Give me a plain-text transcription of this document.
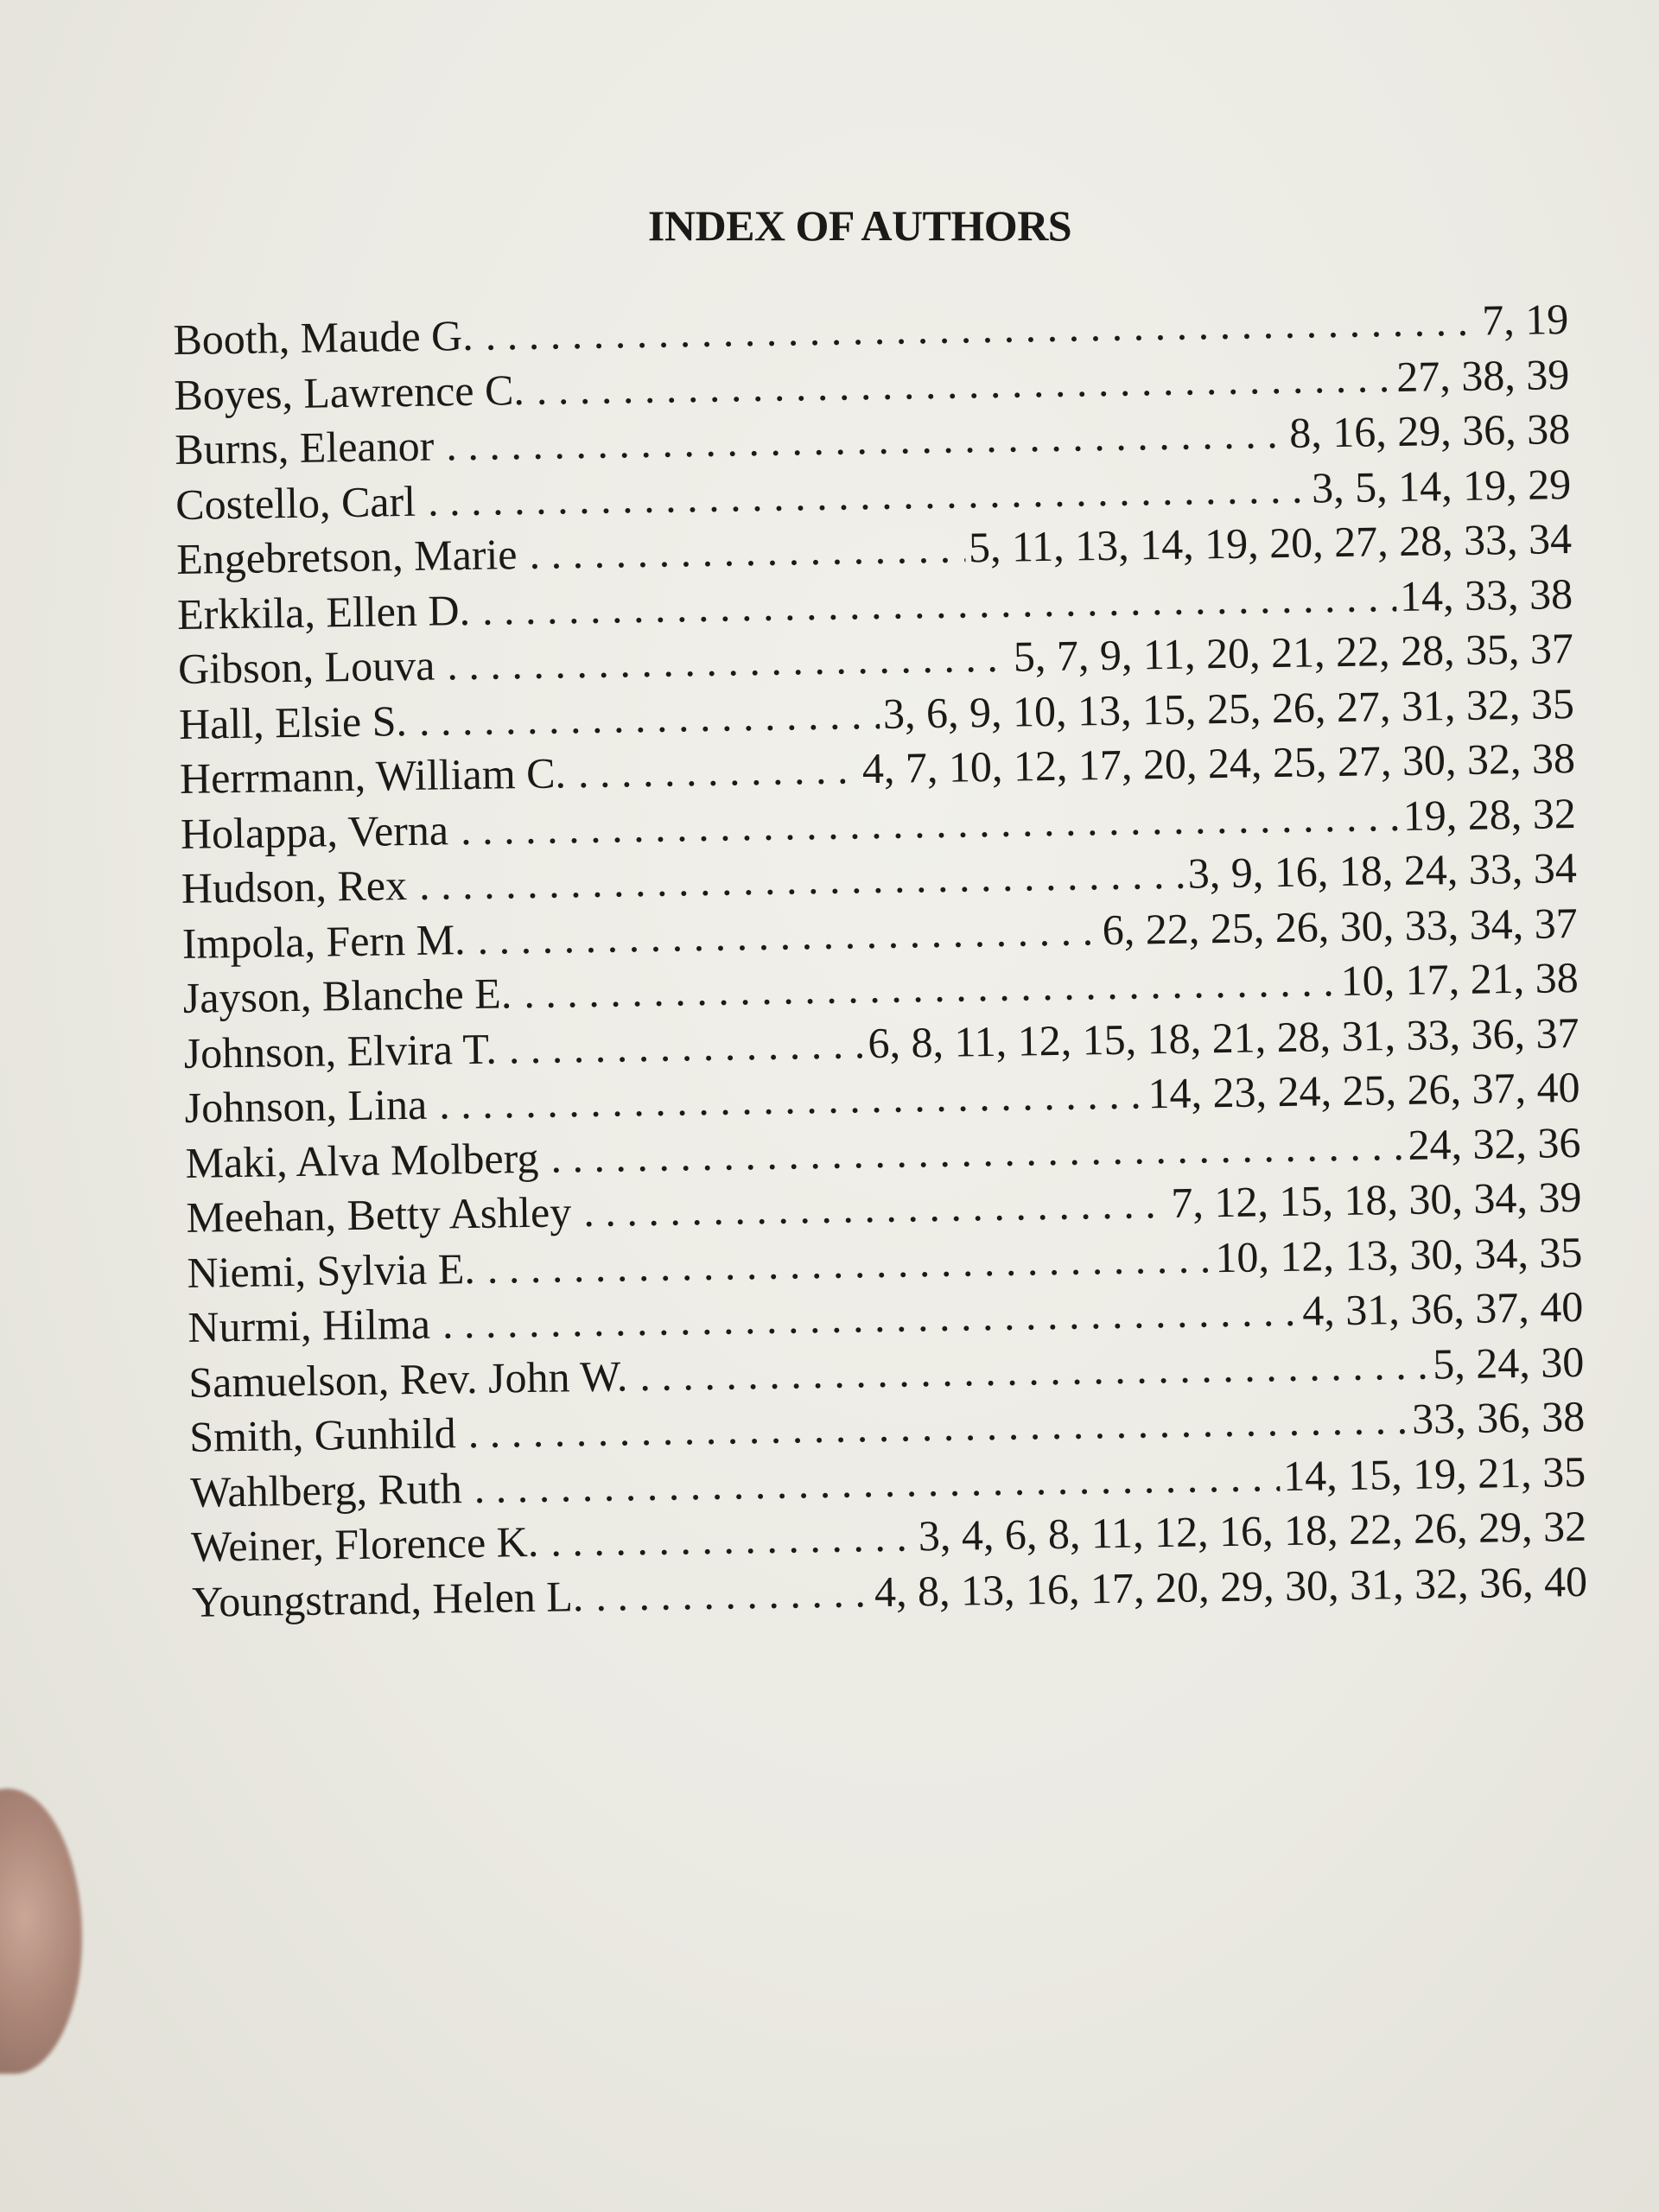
INDEX OF AUTHORS
Booth, Maude G. . . .	7, 19
Boyes, Lawrence C. . . .	27, 38, 39
Burns, Eleanor . . .	8, 16, 29, 36, 38
Costello, Carl . . .	3, 5, 14, 19, 29
Engebretson, Marie . . .	5, 11, 13, 14, 19, 20, 27, 28, 33, 34
Erkkila, Ellen D. . . .	14, 33, 38
Gibson, Louva . . .	5, 7, 9, 11, 20, 21, 22, 28, 35, 37
Hall, Elsie S. . . .	3, 6, 9, 10, 13, 15, 25, 26, 27, 31, 32, 35
Herrmann, William C. . . .	4, 7, 10, 12, 17, 20, 24, 25, 27, 30, 32, 38
Holappa, Verna . . .	19, 28, 32
Hudson, Rex . . .	3, 9, 16, 18, 24, 33, 34
Impola, Fern M. . . .	6, 22, 25, 26, 30, 33, 34, 37
Jayson, Blanche E. . . .	10, 17, 21, 38
Johnson, Elvira T. . . .	6, 8, 11, 12, 15, 18, 21, 28, 31, 33, 36, 37
Johnson, Lina . . .	14, 23, 24, 25, 26, 37, 40
Maki, Alva Molberg . . .	24, 32, 36
Meehan, Betty Ashley . . .	7, 12, 15, 18, 30, 34, 39
Niemi, Sylvia E. . . .	10, 12, 13, 30, 34, 35
Nurmi, Hilma . . .	4, 31, 36, 37, 40
Samuelson, Rev. John W. . . .	5, 24, 30
Smith, Gunhild . . .	33, 36, 38
Wahlberg, Ruth . . .	14, 15, 19, 21, 35
Weiner, Florence K. . . .	3, 4, 6, 8, 11, 12, 16, 18, 22, 26, 29, 32
Youngstrand, Helen L. . . .	4, 8, 13, 16, 17, 20, 29, 30, 31, 32, 36, 40
